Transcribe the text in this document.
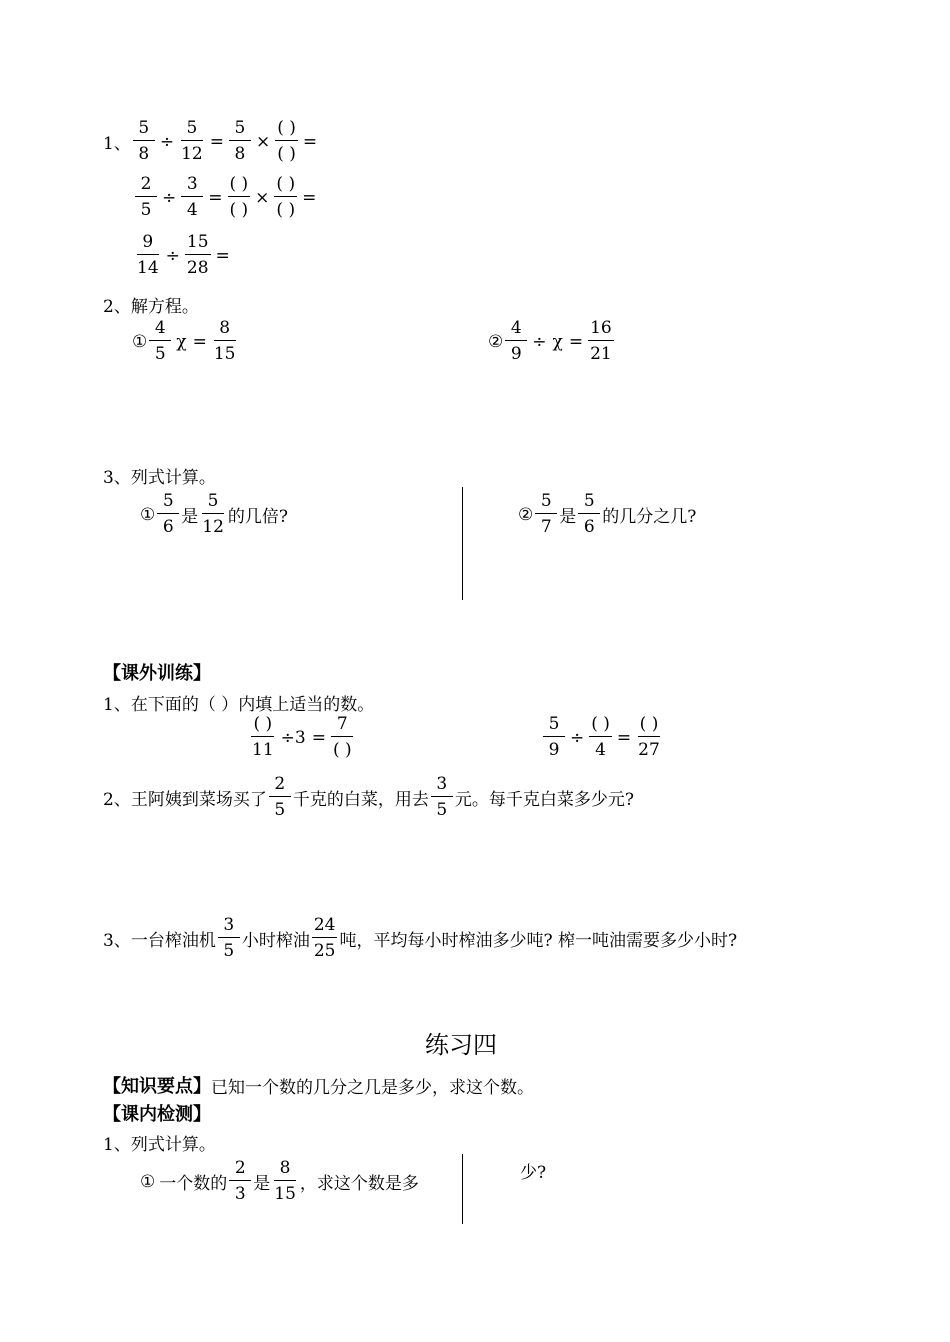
1、 $\frac{5}{8} \div \frac{5}{12} = \frac{5}{8} \times \frac{( )}{( )}$ =
$\frac{2}{5} \div \frac{3}{4} = \frac{( )}{( )} \times \frac{( )}{( )}$ =
$\frac{9}{14} \div \frac{15}{28}$ =
2、解方程。
① $\frac{4}{5}$ $\chi = \frac{8}{15}$	② $\frac{4}{9} \div \chi = \frac{16}{21}$
3、列式计算。
① $\frac{5}{6}$ 是 $\frac{5}{12}$ 的几倍?	② $\frac{5}{7}$ 是 $\frac{5}{6}$ 的几分之几?
【课外训练】
1、在下面的（ ）内填上适当的数。
$\frac{( )}{11} \div 3 = \frac{7}{( )}$	$\frac{5}{9} \div \frac{( )}{4} = \frac{( )}{27}$
2、王阿姨到菜场买了 $\frac{2}{5}$ 千克的白菜，用去 $\frac{3}{5}$ 元。每千克白菜多少元?
3、一台榨油机 $\frac{3}{5}$ 小时榨油 $\frac{24}{25}$ 吨，平均每小时榨油多少吨? 榨一吨油需要多少小时?
练习四
【知识要点】 已知一个数的几分之几是多少，求这个数。
【课内检测】
1、列式计算。
① 一个数的 $\frac{2}{3}$ 是 $\frac{8}{15}$ ，求这个数是多
少?
